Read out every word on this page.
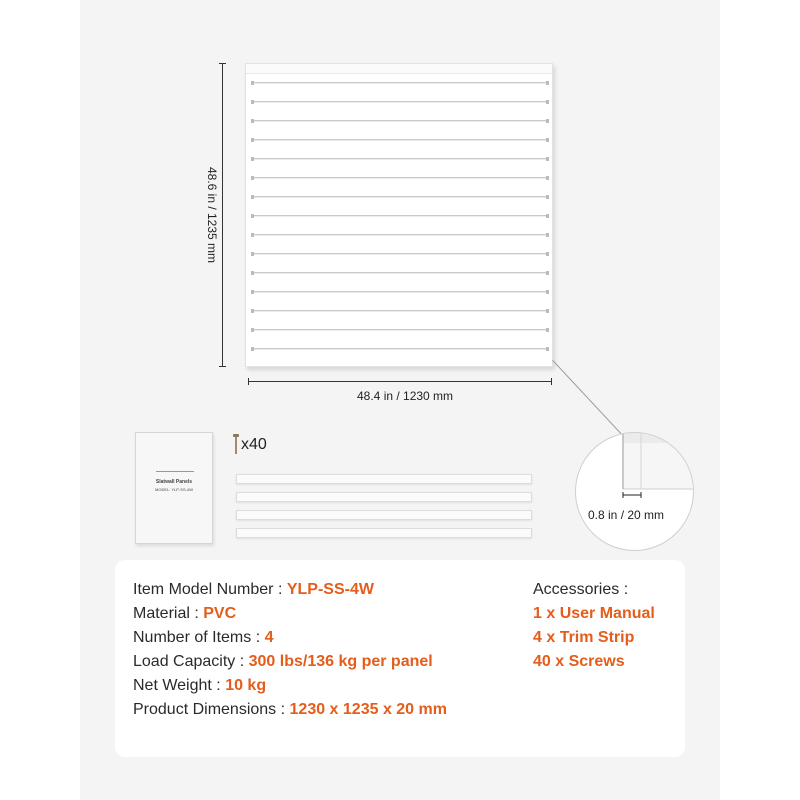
48.6 in / 1235 mm
48.4 in / 1230 mm
0.8 in / 20 mm
Slatwall Panels
MODEL: YLP-SS-4W
x40
Item Model Number : YLP-SS-4W
Material : PVC
Number of Items : 4
Load Capacity : 300 lbs/136 kg per panel
Net Weight : 10 kg
Product Dimensions : 1230 x 1235 x 20 mm
Accessories :
1 x User Manual
4 x Trim Strip
40 x Screws
